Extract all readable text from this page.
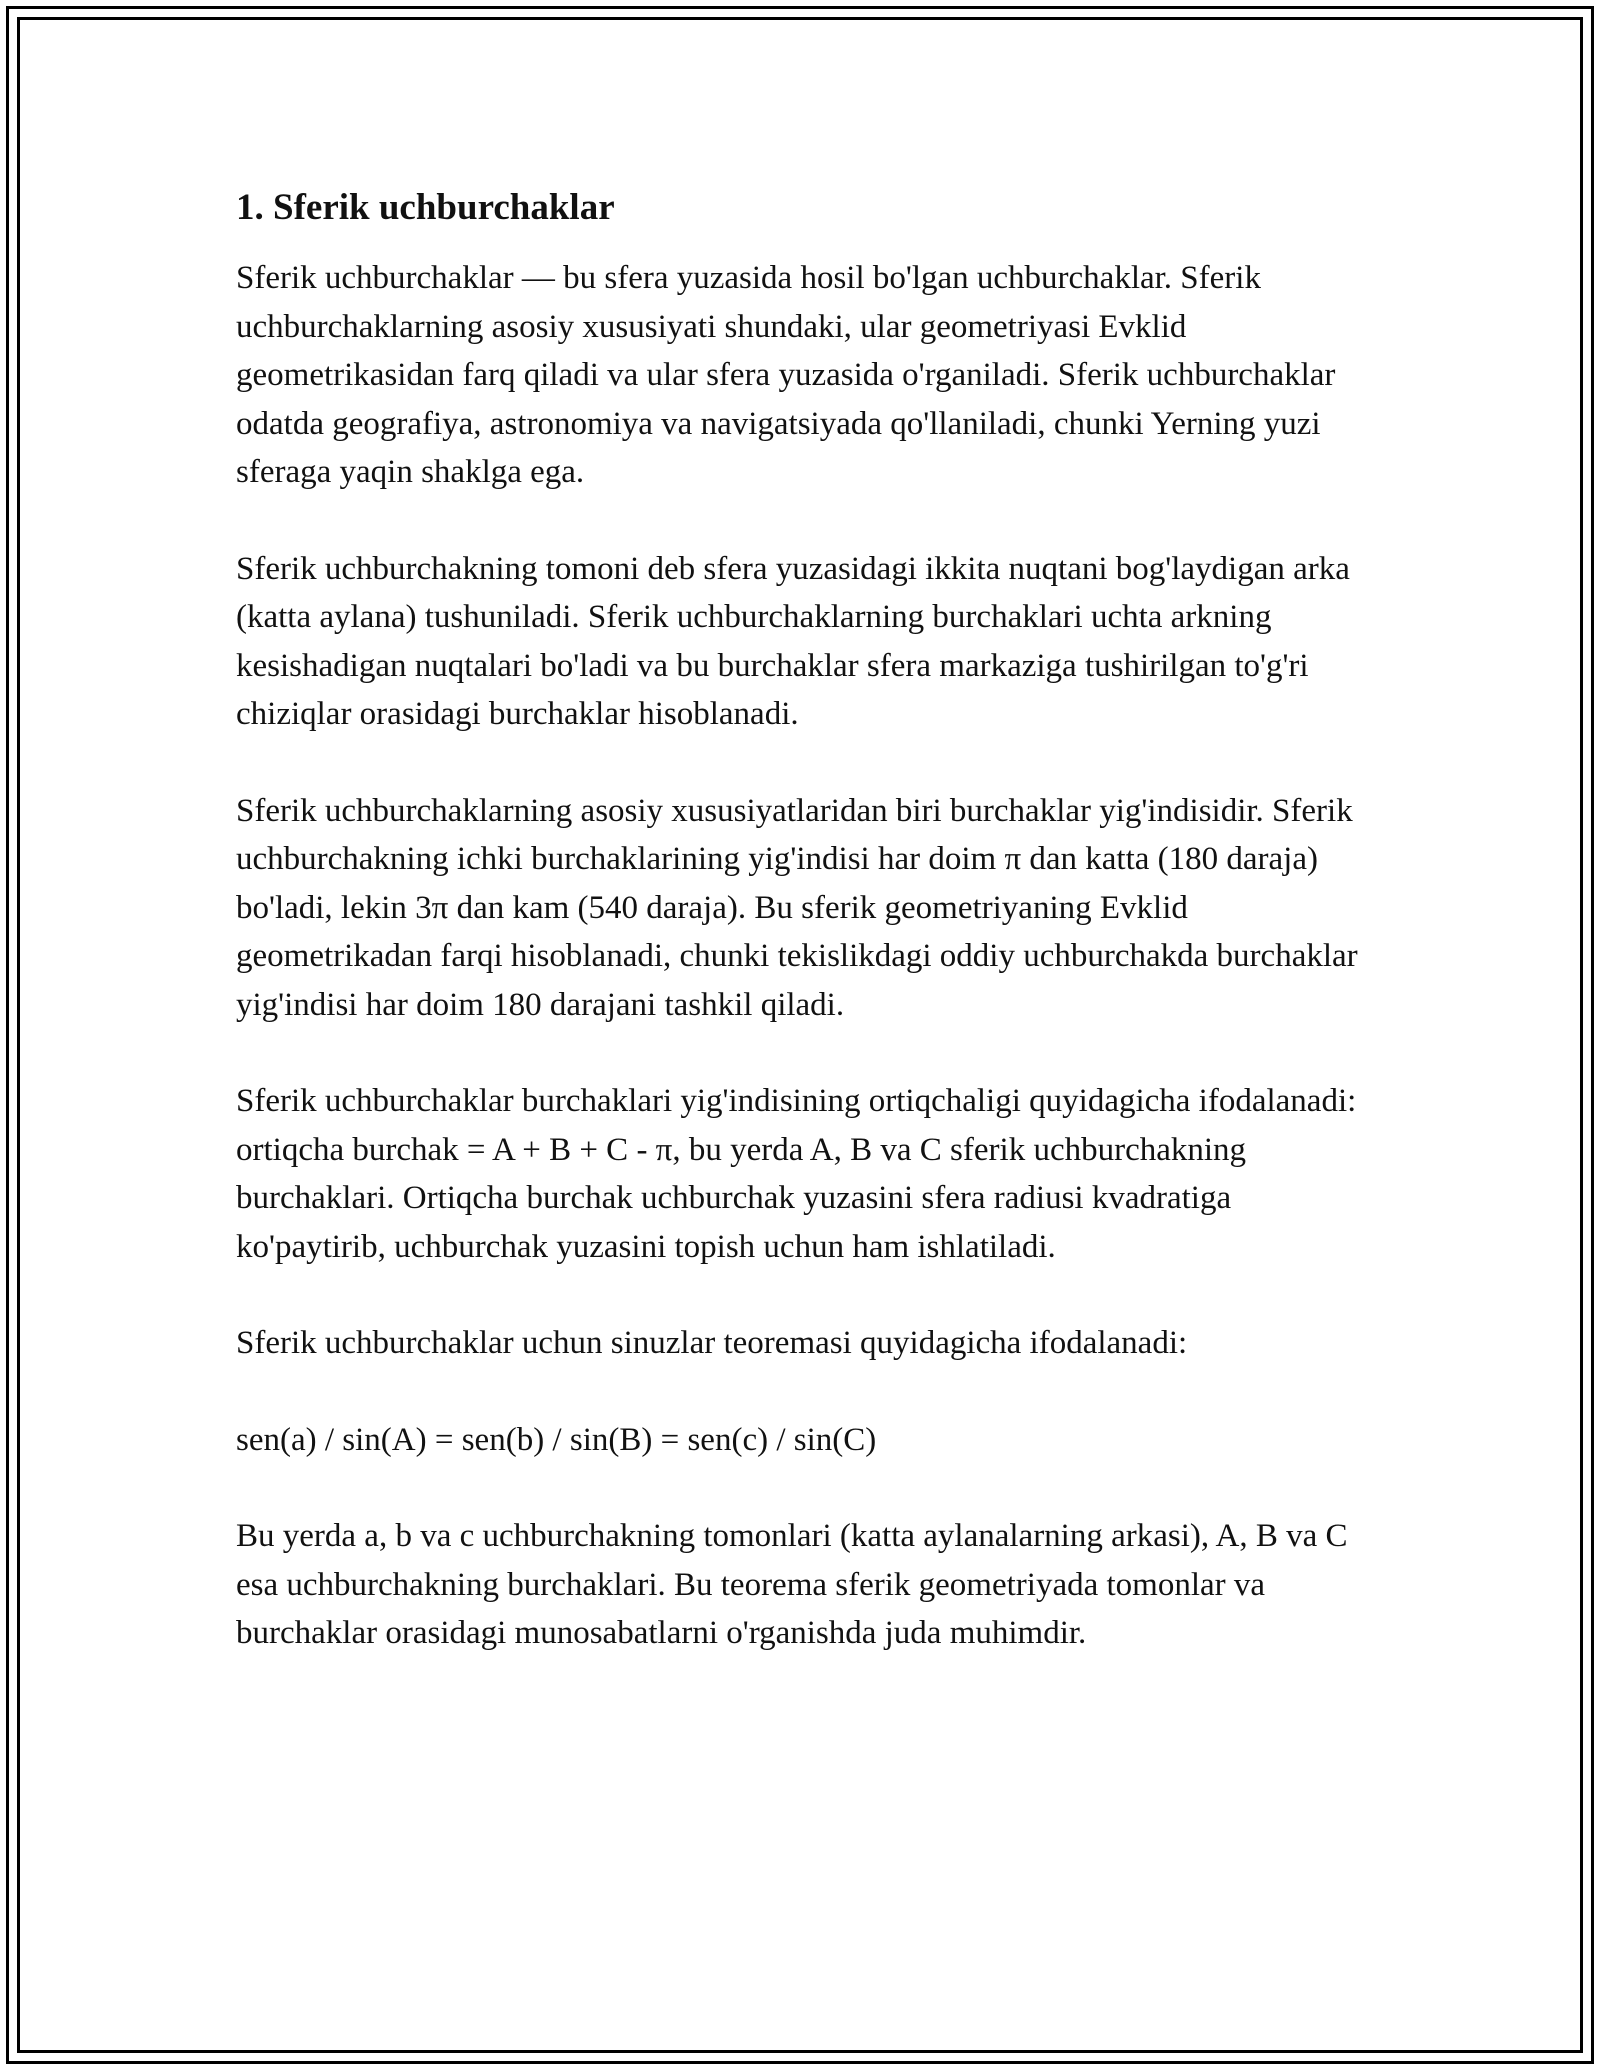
1. Sferik uchburchaklar

Sferik uchburchaklar — bu sfera yuzasida hosil bo'lgan uchburchaklar. Sferik uchburchaklarning asosiy xususiyati shundaki, ular geometriyasi Evklid geometrikasidan farq qiladi va ular sfera yuzasida o'rganiladi. Sferik uchburchaklar odatda geografiya, astronomiya va navigatsiyada qo'llaniladi, chunki Yerning yuzi sferaga yaqin shaklga ega.

Sferik uchburchakning tomoni deb sfera yuzasidagi ikkita nuqtani bog'laydigan arka (katta aylana) tushuniladi. Sferik uchburchaklarning burchaklari uchta arkning kesishadigan nuqtalari bo'ladi va bu burchaklar sfera markaziga tushirilgan to'g'ri chiziqlar orasidagi burchaklar hisoblanadi.

Sferik uchburchaklarning asosiy xususiyatlaridan biri burchaklar yig'indisidir. Sferik uchburchakning ichki burchaklarining yig'indisi har doim π dan katta (180 daraja) bo'ladi, lekin 3π dan kam (540 daraja). Bu sferik geometriyaning Evklid geometrikadan farqi hisoblanadi, chunki tekislikdagi oddiy uchburchakda burchaklar yig'indisi har doim 180 darajani tashkil qiladi.

Sferik uchburchaklar burchaklari yig'indisining ortiqchaligi quyidagicha ifodalanadi: ortiqcha burchak = A + B + C - π, bu yerda A, B va C sferik uchburchakning burchaklari. Ortiqcha burchak uchburchak yuzasini sfera radiusi kvadratiga ko'paytirib, uchburchak yuzasini topish uchun ham ishlatiladi.

Sferik uchburchaklar uchun sinuzlar teoremasi quyidagicha ifodalanadi:

sen(a) / sin(A) = sen(b) / sin(B) = sen(c) / sin(C)

Bu yerda a, b va c uchburchakning tomonlari (katta aylanalarning arkasi), A, B va C esa uchburchakning burchaklari. Bu teorema sferik geometriyada tomonlar va burchaklar orasidagi munosabatlarni o'rganishda juda muhimdir.
